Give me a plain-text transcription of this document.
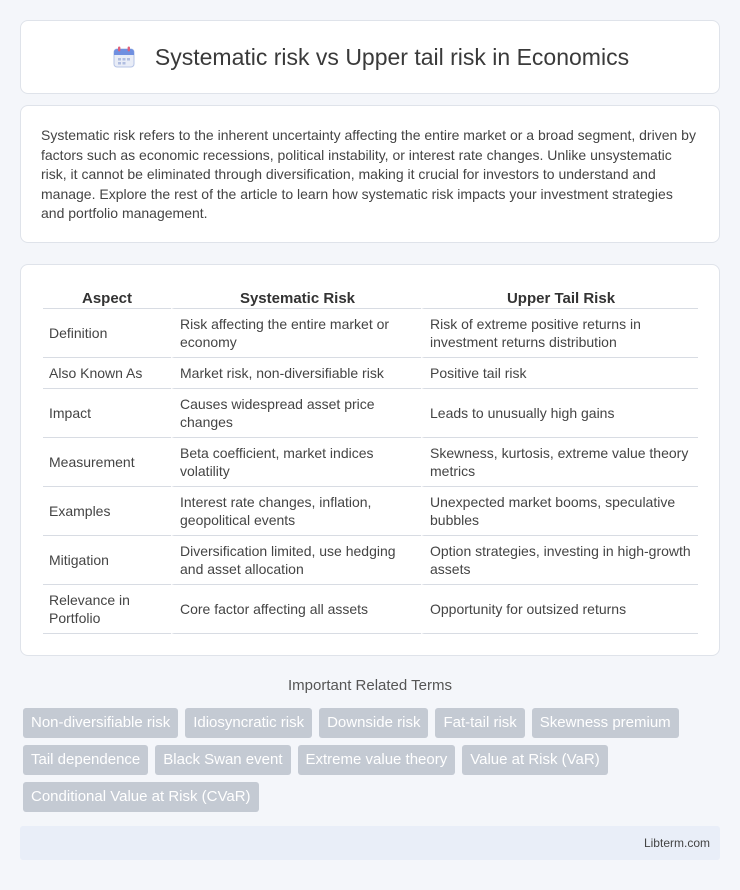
Systematic risk vs Upper tail risk in Economics

Systematic risk refers to the inherent uncertainty affecting the entire market or a broad segment, driven by factors such as economic recessions, political instability, or interest rate changes. Unlike unsystematic risk, it cannot be eliminated through diversification, making it crucial for investors to understand and manage. Explore the rest of the article to learn how systematic risk impacts your investment strategies and portfolio management.

Aspect	Systematic Risk	Upper Tail Risk
Definition	Risk affecting the entire market or economy	Risk of extreme positive returns in investment returns distribution
Also Known As	Market risk, non-diversifiable risk	Positive tail risk
Impact	Causes widespread asset price changes	Leads to unusually high gains
Measurement	Beta coefficient, market indices volatility	Skewness, kurtosis, extreme value theory metrics
Examples	Interest rate changes, inflation, geopolitical events	Unexpected market booms, speculative bubbles
Mitigation	Diversification limited, use hedging and asset allocation	Option strategies, investing in high-growth assets
Relevance in Portfolio	Core factor affecting all assets	Opportunity for outsized returns
Important Related Terms
Non-diversifiable risk	Idiosyncratic risk	Downside risk	Fat-tail risk	Skewness premium
Tail dependence	Black Swan event	Extreme value theory	Value at Risk (VaR)
Conditional Value at Risk (CVaR)
Libterm.com
